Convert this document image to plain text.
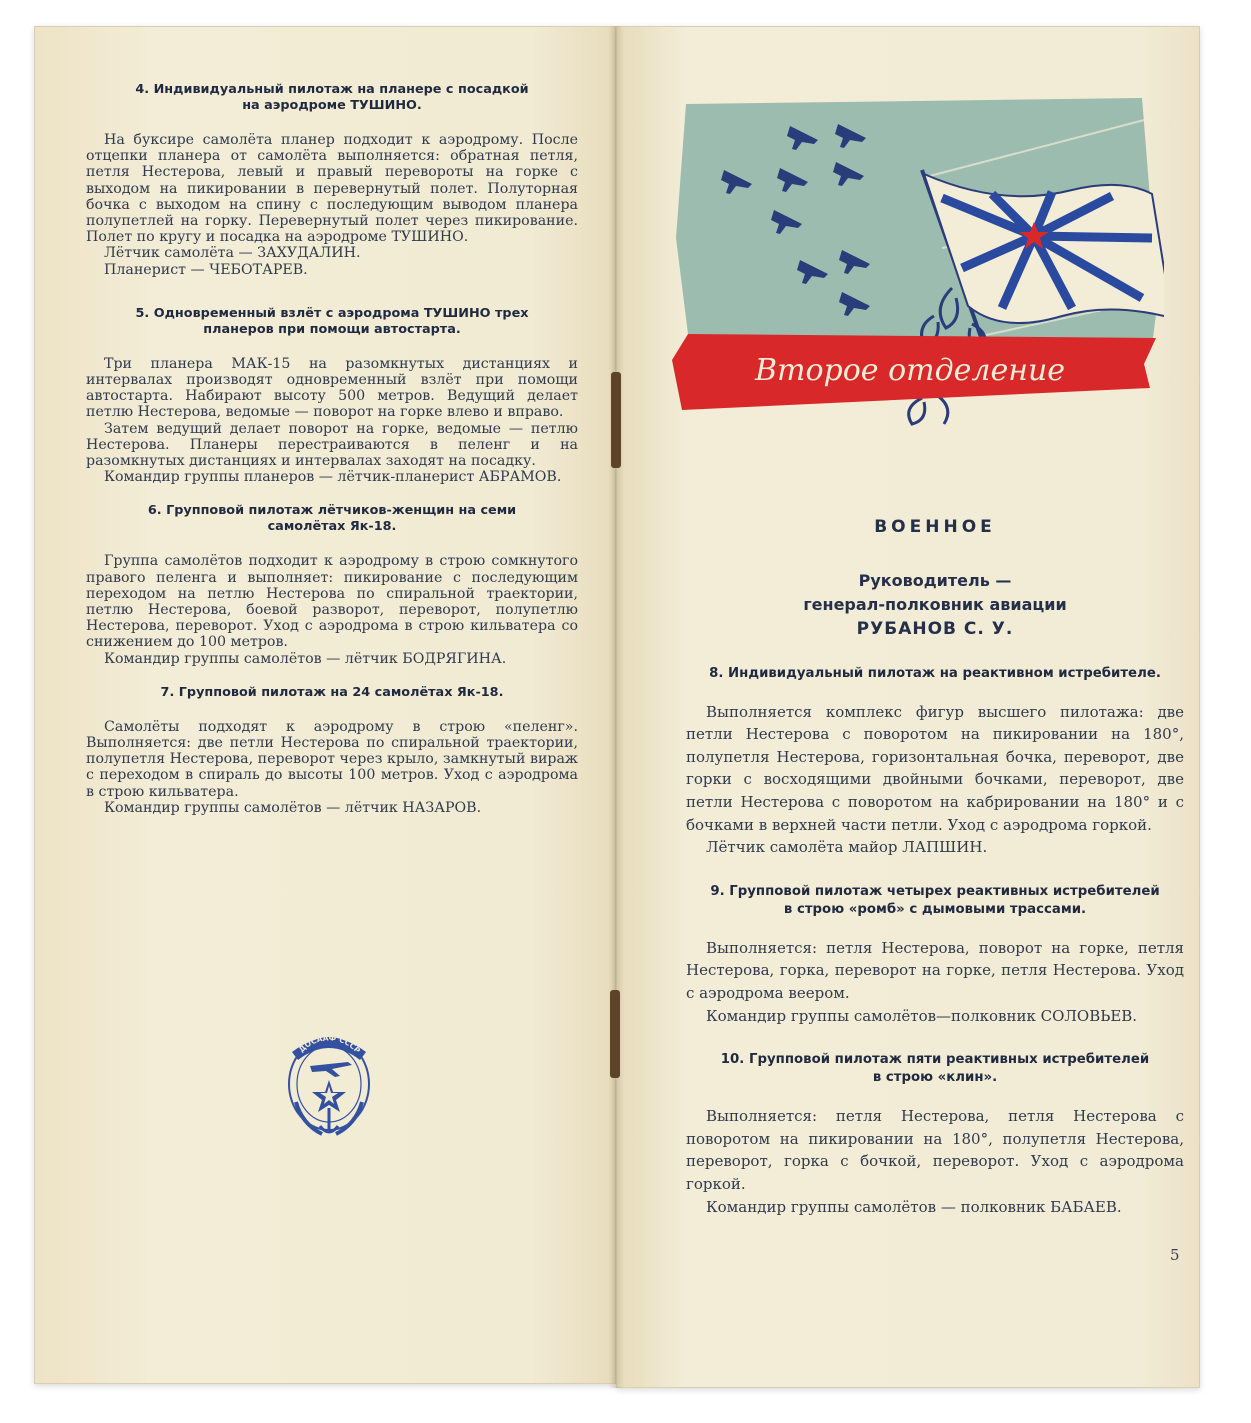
4. Индивидуальный пилотаж на планере с посадкой

на аэродроме ТУШИНО.

На буксире самолёта планер подходит к аэродрому. После отцепки планера от самолёта выполняется: обратная петля, петля Нестерова, левый и правый перевороты на горке с выходом на пикировании в перевернутый полет. Полуторная бочка с выходом на спину с последующим выводом планера полупетлей на горку. Перевернутый полет через пикирование. Полет по кругу и посадка на аэродроме ТУШИНО.

Лётчик самолёта — ЗАХУДАЛИН.

Планерист — ЧЕБОТАРЕВ.

5. Одновременный взлёт с аэродрома ТУШИНО трех

планеров при помощи автостарта.

Три планера МАК-15 на разомкнутых дистанциях и интервалах производят одновременный взлёт при помощи автостарта. Набирают высоту 500 метров. Ведущий делает петлю Нестерова, ведомые — поворот на горке влево и вправо.

Затем ведущий делает поворот на горке, ведомые — петлю Нестерова. Планеры перестраиваются в пеленг и на разомкнутых дистанциях и интервалах заходят на посадку.

Командир группы планеров — лётчик-планерист АБРАМОВ.

6. Групповой пилотаж лётчиков-женщин на семи

самолётах Як-18.

Группа самолётов подходит к аэродрому в строю сомкнутого правого пеленга и выполняет: пикирование с последующим переходом на петлю Нестерова по спиральной траектории, петлю Нестерова, боевой разворот, переворот, полупетлю Нестерова, переворот. Уход с аэродрома в строю кильватера со снижением до 100 метров.

Командир группы самолётов — лётчик БОДРЯГИНА.

7. Групповой пилотаж на 24 самолётах Як-18.

Самолёты подходят к аэродрому в строю «пеленг». Выполняется: две петли Нестерова по спиральной траектории, полупетля Нестерова, переворот через крыло, замкнутый вираж с переходом в спираль до высоты 100 метров. Уход с аэродрома в строю кильватера.

Командир группы самолётов — лётчик НАЗАРОВ.

ДОСААФ СССР
Второе отделение

ВОЕННОЕ

Руководитель —

генерал-полковник авиации

РУБАНОВ С. У.

8. Индивидуальный пилотаж на реактивном истребителе.

Выполняется комплекс фигур высшего пилотажа: две петли Нестерова с поворотом на пикировании на 180°, полупетля Нестерова, горизонтальная бочка, переворот, две горки с восходящими двойными бочками, переворот, две петли Нестерова с поворотом на кабрировании на 180° и с бочками в верхней части петли. Уход с аэродрома горкой.

Лётчик самолёта майор ЛАПШИН.

9. Групповой пилотаж четырех реактивных истребителей

в строю «ромб» с дымовыми трассами.

Выполняется: петля Нестерова, поворот на горке, петля Нестерова, горка, переворот на горке, петля Нестерова. Уход с аэродрома веером.

Командир группы самолётов—полковник СОЛОВЬЕВ.

10. Групповой пилотаж пяти реактивных истребителей

в строю «клин».

Выполняется: петля Нестерова, петля Нестерова с поворотом на пикировании на 180°, полупетля Нестерова, переворот, горка с бочкой, переворот. Уход с аэродрома горкой.

Командир группы самолётов — полковник БАБАЕВ.

5
